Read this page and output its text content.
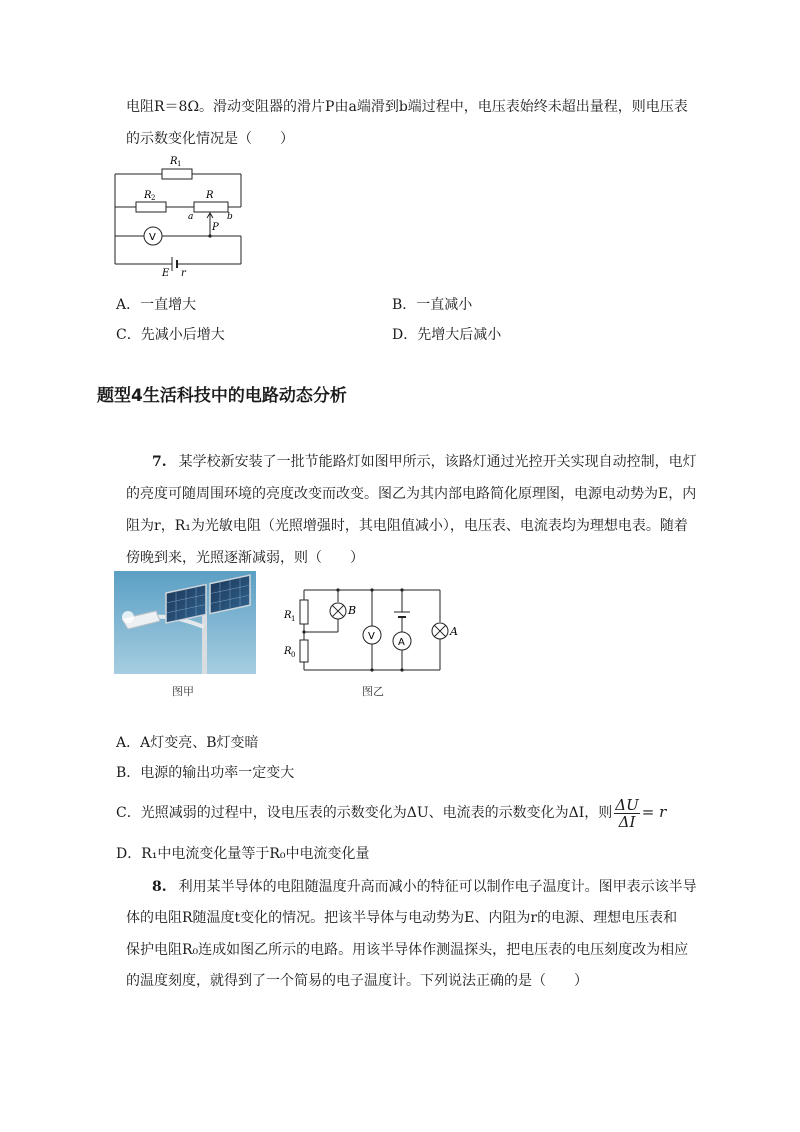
电阻R＝8Ω。滑动变阻器的滑片P由a端滑到b端过程中，电压表始终未超出量程，则电压表
的示数变化情况是（　　）
R 1
R 2	R
a	b
P
V
E r
A．一直增大	B．一直减小
C．先减小后增大	D．先增大后减小
题型4生活科技中的电路动态分析
7. 某学校新安装了一批节能路灯如图甲所示，该路灯通过光控开关实现自动控制，电灯
的亮度可随周围环境的亮度改变而改变。图乙为其内部电路简化原理图，电源电动势为E，内
阻为r，R₁为光敏电阻（光照增强时，其电阻值减小），电压表、电流表均为理想电表。随着
傍晚到来，光照逐渐减弱，则（　　）
图甲
R 1
R 0
B
V
A
A
图乙
A．A灯变亮、B灯变暗
B．电源的输出功率一定变大
C．光照减弱的过程中，设电压表的示数变化为ΔU、电流表的示数变化为ΔI，则 $\frac{\Delta U}{\Delta I} = r$
D．R₁中电流变化量等于R₀中电流变化量
8. 利用某半导体的电阻随温度升高而减小的特征可以制作电子温度计。图甲表示该半导
体的电阻R随温度t变化的情况。把该半导体与电动势为E、内阻为r的电源、理想电压表和
保护电阻R₀连成如图乙所示的电路。用该半导体作测温探头，把电压表的电压刻度改为相应
的温度刻度，就得到了一个简易的电子温度计。下列说法正确的是（　　）
